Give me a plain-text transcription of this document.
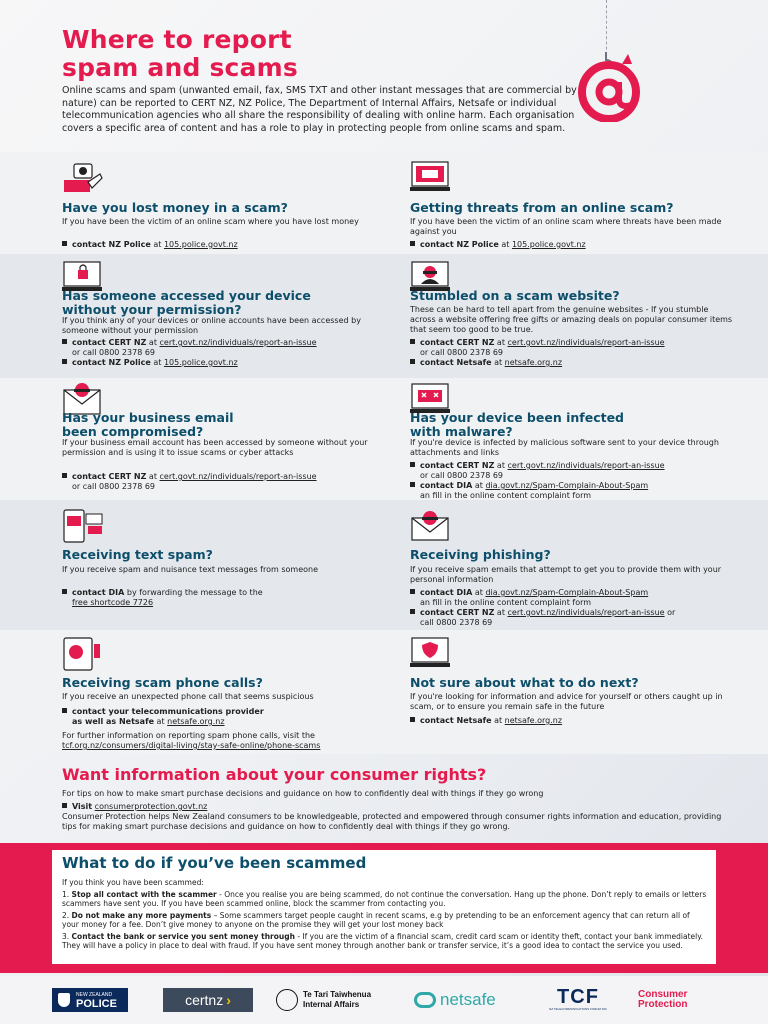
Where to report
spam and scams

Online scams and spam (unwanted email, fax, SMS TXT and other instant messages that are commercial by nature) can be reported to CERT NZ, NZ Police, The Department of Internal Affairs, Netsafe or individual telecommunication agencies who all share the responsibility of dealing with online harm. Each organisation covers a specific area of content and has a role to play in protecting people from online scams and spam.

Have you lost money in a scam?

If you have been the victim of an online scam where you have lost money

contact NZ Police at 105.police.govt.nz
Getting threats from an online scam?

If you have been the victim of an online scam where threats have been made against you

contact NZ Police at 105.police.govt.nz
Has someone accessed your device
without your permission?

If you think any of your devices or online accounts have been accessed by someone without your permission

contact CERT NZ at cert.govt.nz/individuals/report-an-issue
or call 0800 2378 69
contact NZ Police at 105.police.govt.nz
Stumbled on a scam website?

These can be hard to tell apart from the genuine websites - If you stumble across a website offering free gifts or amazing deals on popular consumer items that seem too good to be true.

contact CERT NZ at cert.govt.nz/individuals/report-an-issue
or call 0800 2378 69
contact Netsafe at netsafe.org.nz
Has your business email
been compromised?

If your business email account has been accessed by someone without your permission and is using it to issue scams or cyber attacks

contact CERT NZ at cert.govt.nz/individuals/report-an-issue
or call 0800 2378 69
Has your device been infected
with malware?

If you're device is infected by malicious software sent to your device through attachments and links

contact CERT NZ at cert.govt.nz/individuals/report-an-issue
or call 0800 2378 69
contact DIA at dia.govt.nz/Spam-Complain-About-Spam
an fill in the online content complaint form
Receiving text spam?

If you receive spam and nuisance text messages from someone

contact DIA by forwarding the message to the
free shortcode 7726
Receiving phishing?

If you receive spam emails that attempt to get you to provide them with your personal information

contact DIA at dia.govt.nz/Spam-Complain-About-Spam
an fill in the online content complaint form
contact CERT NZ at cert.govt.nz/individuals/report-an-issue or
call 0800 2378 69
Receiving scam phone calls?

If you receive an unexpected phone call that seems suspicious

contact your telecommunications provider
as well as Netsafe at netsafe.org.nz
For further information on reporting spam phone calls, visit the
tcf.org.nz/consumers/digital-living/stay-safe-online/phone-scams
Not sure about what to do next?

If you're looking for information and advice for yourself or others caught up in scam, or to ensure you remain safe in the future

contact Netsafe at netsafe.org.nz
Want information about your consumer rights?
For tips on how to make smart purchase decisions and guidance on how to confidently deal with things if they go wrong
Visit consumerprotection.govt.nz
Consumer Protection helps New Zealand consumers to be knowledgeable, protected and empowered through consumer rights information and education, providing tips for making smart purchase decisions and guidance on how to confidently deal with things if they go wrong.
What to do if you’ve been scammed
If you think you have been scammed:
1. Stop all contact with the scammer - Once you realise you are being scammed, do not continue the conversation. Hang up the phone. Don’t reply to emails or letters scammers have sent you. If you have been scammed online, block the scammer from contacting you.
2. Do not make any more payments – Some scammers target people caught in recent scams, e.g by pretending to be an enforcement agency that can return all of your money for a fee. Don’t give money to anyone on the promise they will get your lost money back
3. Contact the bank or service you sent money through - If you are the victim of a financial scam, credit card scam or identity theft, contact your bank immediately. They will have a policy in place to deal with fraud. If you have sent money through another bank or transfer service, it’s a good idea to contact the service you used.
NEW ZEALAND
POLICE	certnz ›	Te Tari Taiwhenua
Internal Affairs	netsafe	TCF
NZ TELECOMMUNICATIONS FORUM INC
Consumer
Protection
